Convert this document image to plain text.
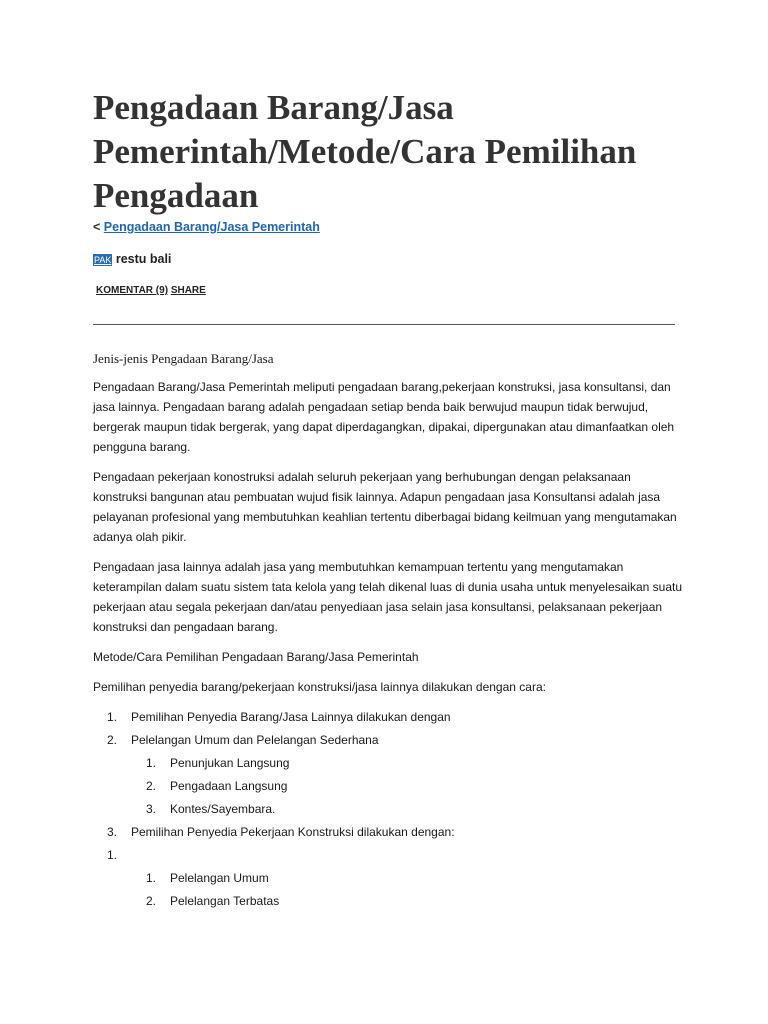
Pengadaan Barang/Jasa Pemerintah/Metode/Cara Pemilihan Pengadaan
< Pengadaan Barang/Jasa Pemerintah
PAK restu bali
KOMENTAR (9) SHARE

Jenis-jenis Pengadaan Barang/Jasa

Pengadaan Barang/Jasa Pemerintah meliputi pengadaan barang,pekerjaan konstruksi, jasa konsultansi, dan jasa lainnya. Pengadaan barang adalah pengadaan setiap benda baik berwujud maupun tidak berwujud, bergerak maupun tidak bergerak, yang dapat diperdagangkan, dipakai, dipergunakan atau dimanfaatkan oleh pengguna barang.

Pengadaan pekerjaan konostruksi adalah seluruh pekerjaan yang berhubungan dengan pelaksanaan konstruksi bangunan atau pembuatan wujud fisik lainnya. Adapun pengadaan jasa Konsultansi adalah jasa pelayanan profesional yang membutuhkan keahlian tertentu diberbagai bidang keilmuan yang mengutamakan adanya olah pikir.

Pengadaan jasa lainnya adalah jasa yang membutuhkan kemampuan tertentu yang mengutamakan keterampilan dalam suatu sistem tata kelola yang telah dikenal luas di dunia usaha untuk menyelesaikan suatu pekerjaan atau segala pekerjaan dan/atau penyediaan jasa selain jasa konsultansi, pelaksanaan pekerjaan konstruksi dan pengadaan barang.

Metode/Cara Pemilihan Pengadaan Barang/Jasa Pemerintah

Pemilihan penyedia barang/pekerjaan konstruksi/jasa lainnya dilakukan dengan cara:

1.	Pemilihan Penyedia Barang/Jasa Lainnya dilakukan dengan
2.	Pelelangan Umum dan Pelelangan Sederhana
1.	Penunjukan Langsung
2.	Pengadaan Langsung
3.	Kontes/Sayembara.
3.	Pemilihan Penyedia Pekerjaan Konstruksi dilakukan dengan:
1.

1.	Pelelangan Umum
2.	Pelelangan Terbatas
